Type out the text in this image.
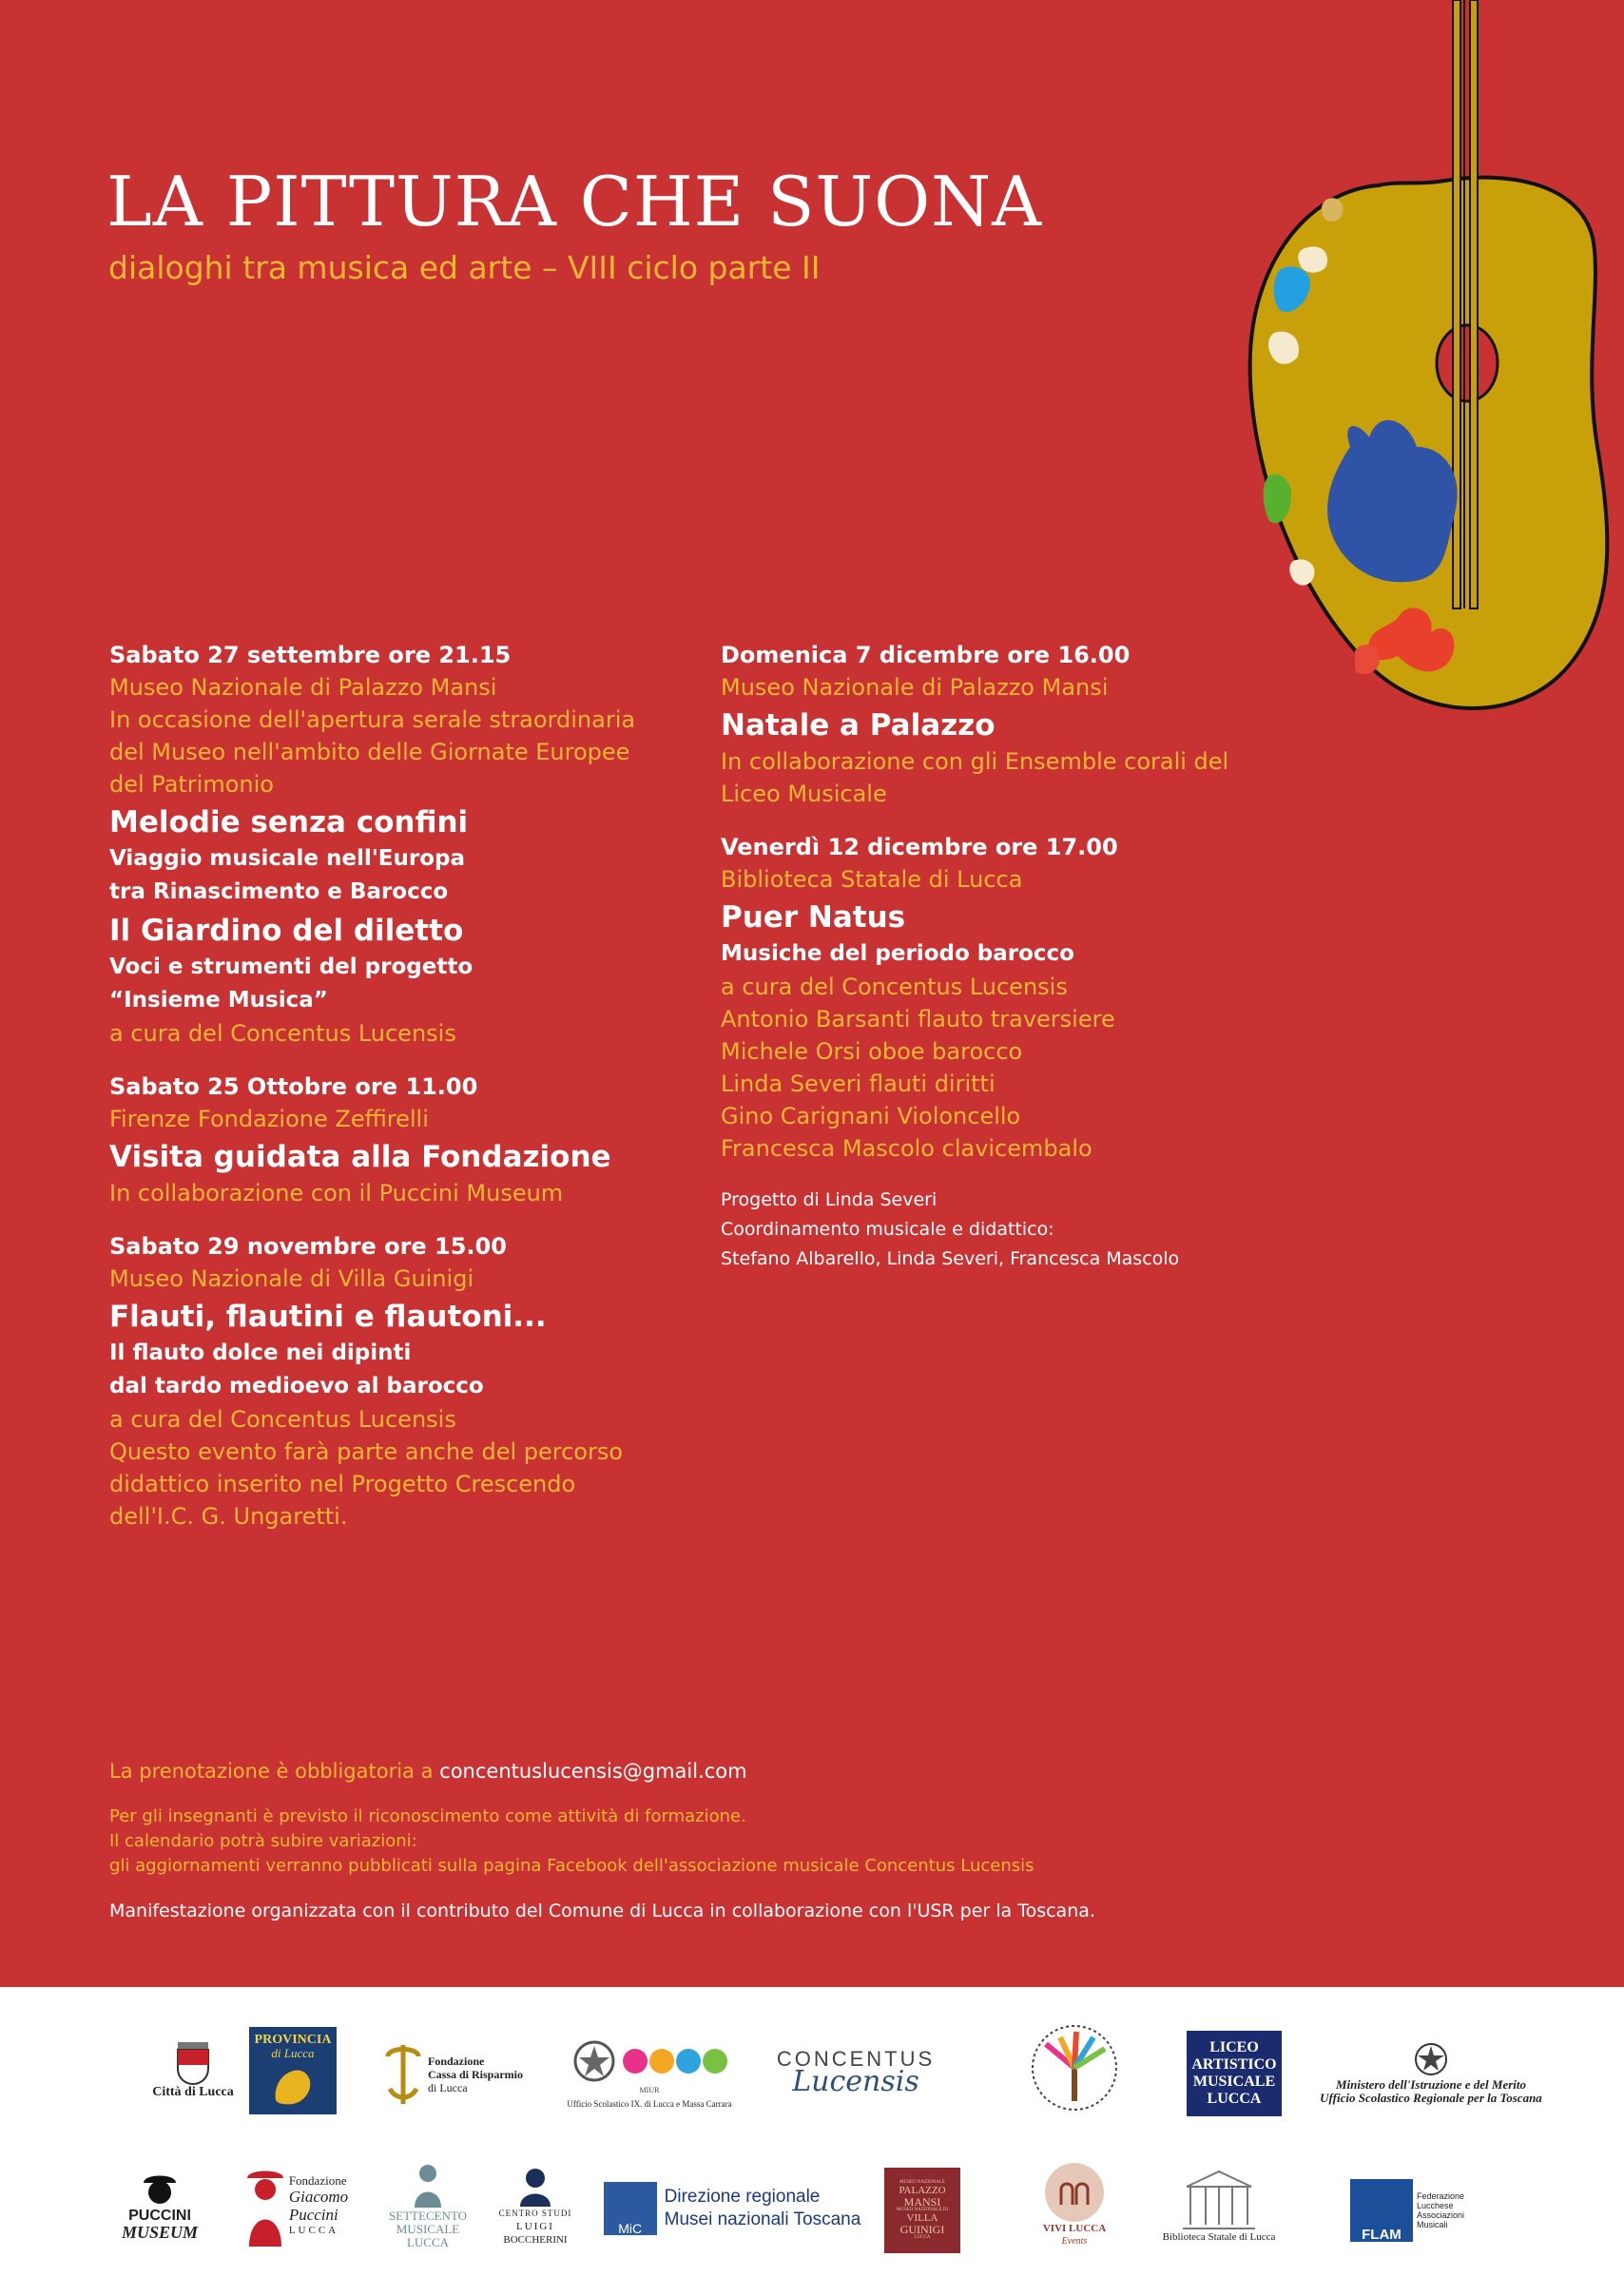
LA PITTURA CHE SUONA
dialoghi tra musica ed arte – VIII ciclo parte II
Sabato 27 settembre ore 21.15
Museo Nazionale di Palazzo Mansi
In occasione dell'apertura serale straordinaria
del Museo nell'ambito delle Giornate Europee
del Patrimonio
Melodie senza confini
Viaggio musicale nell'Europa
tra Rinascimento e Barocco
Il Giardino del diletto
Voci e strumenti del progetto
“Insieme Musica”
a cura del Concentus Lucensis
Sabato 25 Ottobre ore 11.00
Firenze Fondazione Zeffirelli
Visita guidata alla Fondazione
In collaborazione con il Puccini Museum
Sabato 29 novembre ore 15.00
Museo Nazionale di Villa Guinigi
Flauti, flautini e flautoni...
Il flauto dolce nei dipinti
dal tardo medioevo al barocco
a cura del Concentus Lucensis
Questo evento farà parte anche del percorso
didattico inserito nel Progetto Crescendo
dell'I.C. G. Ungaretti.
Domenica 7 dicembre ore 16.00
Museo Nazionale di Palazzo Mansi
Natale a Palazzo
In collaborazione con gli Ensemble corali del
Liceo Musicale
Venerdì 12 dicembre ore 17.00
Biblioteca Statale di Lucca
Puer Natus
Musiche del periodo barocco
a cura del Concentus Lucensis
Antonio Barsanti flauto traversiere
Michele Orsi oboe barocco
Linda Severi flauti diritti
Gino Carignani Violoncello
Francesca Mascolo clavicembalo
Progetto di Linda Severi
Coordinamento musicale e didattico:
Stefano Albarello, Linda Severi, Francesca Mascolo
La prenotazione è obbligatoria a concentuslucensis@gmail.com
Per gli insegnanti è previsto il riconoscimento come attività di formazione.
Il calendario potrà subire variazioni:
gli aggiornamenti verranno pubblicati sulla pagina Facebook dell'associazione musicale Concentus Lucensis
Manifestazione organizzata con il contributo del Comune di Lucca in collaborazione con l'USR per la Toscana.
Città di Lucca
PROVINCIA
di Lucca
Fondazione
Cassa di Risparmio
di Lucca	MIUR
Ufficio Scolastico IX. di Lucca e Massa Carrara
CONCENTUS
Lucensis
LICEO
ARTISTICO
MUSICALE
LUCCA
Ministero dell'Istruzione e del Merito
Ufficio Scolastico Regionale per la Toscana
PUCCINI
MUSEUM
Fondazione
Giacomo
Puccini
LUCCA
SETTECENTO
MUSICALE
LUCCA
CENTRO STUDI
LUIGI
BOCCHERINI
MiC
Direzione regionale
Musei nazionali Toscana
MUSEO NAZIONALE
PALAZZO
MANSI
MUSEO NAZIONALE DI
VILLA
GUINIGI
LUCCA
VIVI LUCCA
Events	Biblioteca Statale di Lucca	FLAM
Federazione
Lucchese
Associazioni
Musicali
